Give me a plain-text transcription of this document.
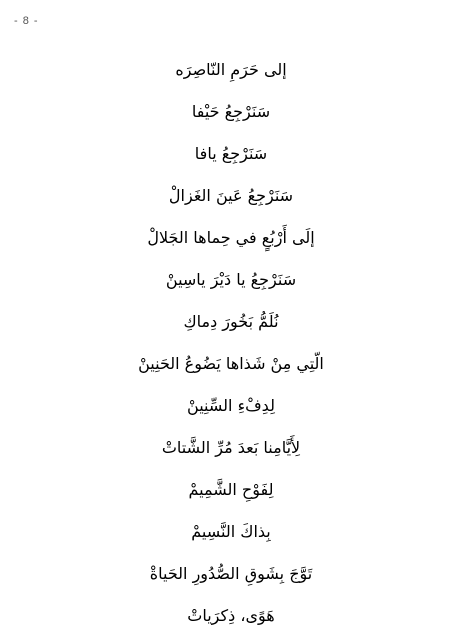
- 8 -
إلى حَرَمِ النّاصِرَه
سَنَرْجِعُ حَيْفا
سَنَرْجِعُ يافا
سَنَرْجِعُ عَينَ الغَزالْ
إلَى أَرْبُعٍ في حِماها الجَلالْ
سَنَرْجِعُ يا دَيْرَ ياسِينْ
نُلَمُّ بَخُورَ دِماكِ
الّتِي مِنْ شَذاها يَضُوعُ الحَنِينْ
لِدِفْءِ السِّنِينْ
لِأَيَّامِنا بَعدَ مُرِّ الشَّتاتْ
لِفَوْحِ الشَّمِيمْ
بِذاكَ النَّسِيمْ
تَوَّجَ بِشَوقِ الصُّدُورِ الحَياةْ
هَوًى، ذِكرَياتْ
